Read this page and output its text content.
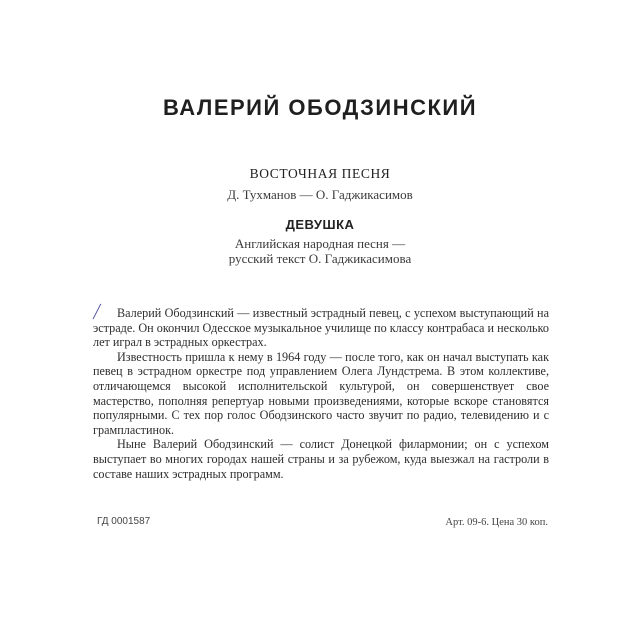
ВАЛЕРИЙ ОБОДЗИНСКИЙ
ВОСТОЧНАЯ ПЕСНЯ
Д. Тухманов — О. Гаджикасимов
ДЕВУШКА
Английская народная песня —
русский текст О. Гаджикасимова
╱	Валерий Ободзинский — известный эстрадный певец, с успехом выступающий на эстраде. Он окончил Одесское музыкальное училище по классу контрабаса и несколько лет играл в эстрадных оркестрах.

Известность пришла к нему в 1964 году — после того, как он начал выступать как певец в эстрадном оркестре под управлением Олега Лундстрема. В этом коллективе, отличающемся высокой исполнительской культурой, он совершенствует свое мастерство, пополняя репертуар новыми произведениями, которые вскоре становятся популярными. С тех пор голос Ободзинского часто звучит по радио, телевидению и с грампластинок.

Ныне Валерий Ободзинский — солист Донецкой филармонии; он с успехом выступает во многих городах нашей страны и за рубежом, куда выезжал на гастроли в составе наших эстрадных программ.

ГД 0001587	Арт. 09-6. Цена 30 коп.
